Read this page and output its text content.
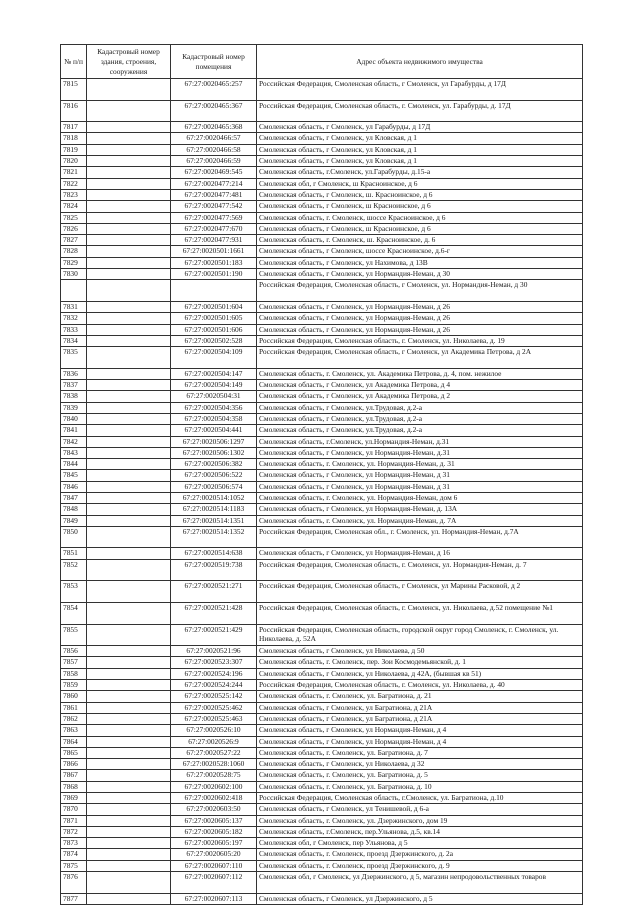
№ п/п	Кадастровый номер здания, строения, сооружения	Кадастровый номер помещения	Адрес объекта недвижимого имущества
7815		67:27:0020465:257	Российская Федерация, Смоленская область, г Смоленск, ул Гарабурды, д 17Д
7816		67:27:0020465:367	Российская Федерация, Смоленская область, г. Смоленск, ул. Гарабурды, д. 17Д
7817		67:27:0020465:368	Смоленская область, г Смоленск, ул Гарабурды, д 17Д
7818		67:27:0020466:57	Смоленская область, г Смоленск, ул Кловская, д 1
7819		67:27:0020466:58	Смоленская область, г Смоленск, ул Кловская, д 1
7820		67:27:0020466:59	Смоленская область, г Смоленск, ул Кловская, д 1
7821		67:27:0020469:545	Смоленская область, г.Смоленск, ул.Гарабурды, д.15-а
7822		67:27:0020477:214	Смоленская обл, г Смоленск, ш Красноинское, д 6
7823		67:27:0020477:481	Смоленская область, г Смоленск, ш. Красноинское, д 6
7824		67:27:0020477:542	Смоленская область, г Смоленск, ш Красноинское, д 6
7825		67:27:0020477:569	Смоленская область, г. Смоленск, шоссе Красноинское, д 6
7826		67:27:0020477:670	Смоленская область, г Смоленск, ш Красноинское, д 6
7827		67:27:0020477:931	Смоленская область, г. Смоленск, ш. Красноинское, д. 6
7828		67:27:0020501:1661	Смоленская область, г Смоленск, шоссе Красноинское, д.6-г
7829		67:27:0020501:183	Смоленская область, г Смоленск, ул Нахимова, д 13В
7830		67:27:0020501:190	Смоленская область, г Смоленск, ул Нормандия-Неман, д 30
			Российская Федерация, Смоленская область, г Смоленск, ул. Нормандия-Неман, д 30
7831		67:27:0020501:604	Смоленская область, г Смоленск, ул Нормандия-Неман, д 26
7832		67:27:0020501:605	Смоленская область, г Смоленск, ул Нормандия-Неман, д 26
7833		67:27:0020501:606	Смоленская область, г Смоленск, ул Нормандия-Неман, д 26
7834		67:27:0020502:528	Российская Федерация, Смоленская область, г. Смоленск, ул. Николаева, д. 19
7835		67:27:0020504:109	Российская Федерация, Смоленская область, г Смоленск, ул Академика Петрова, д 2А
7836		67:27:0020504:147	Смоленская область, г. Смоленск, ул. Академика Петрова, д. 4, пом. нежилое
7837		67:27:0020504:149	Смоленская область, г Смоленск, ул Академика Петрова, д 4
7838		67:27:0020504:31	Смоленская область, г Смоленск, ул Академика Петрова, д 2
7839		67:27:0020504:356	Смоленская область, г Смоленск, ул.Трудовая, д.2-а
7840		67:27:0020504:358	Смоленская область, г Смоленск, ул.Трудовая, д.2-а
7841		67:27:0020504:441	Смоленская область, г Смоленск, ул.Трудовая, д.2-а
7842		67:27:0020506:1297	Смоленская область, г.Смоленск, ул.Нормандия-Неман, д.31
7843		67:27:0020506:1302	Смоленская область, г Смоленск, ул Нормандия-Неман, д.31
7844		67:27:0020506:382	Смоленская область, г. Смоленск, ул. Нормандия-Неман, д. 31
7845		67:27:0020506:522	Смоленская область, г Смоленск, ул Нормандия-Неман, д 31
7846		67:27:0020506:574	Смоленская область, г Смоленск, ул Нормандия-Неман, д 31
7847		67:27:0020514:1052	Смоленская область, г. Смоленск, ул. Нормандия-Неман, дом 6
7848		67:27:0020514:1183	Смоленская область, г Смоленск, ул Нормандия-Неман, д. 13А
7849		67:27:0020514:1351	Смоленская область, г. Смоленск, ул. Нормандия-Неман, д. 7А
7850		67:27:0020514:1352	Российская Федерация, Смоленская обл., г. Смоленск, ул. Нормандия-Неман, д.7А
7851		67:27:0020514:638	Смоленская область, г Смоленск, ул Нормандия-Неман, д 16
7852		67:27:0020519:738	Российская Федерация, Смоленская область, г. Смоленск, ул. Нормандия-Неман, д. 7
7853		67:27:0020521:271	Российская Федерация, Смоленская область, г Смоленск, ул Марины Расковой, д 2
7854		67:27:0020521:428	Российская Федерация, Смоленская область, г. Смоленск, ул. Николаева, д.52 помещение №1
7855		67:27:0020521:429	Российская Федерация, Смоленская область, городской округ город Смоленск, г. Смоленск, ул. Николаева, д. 52А
7856		67:27:0020521:96	Смоленская область, г Смоленск, ул Николаева, д 50
7857		67:27:0020523:307	Смоленская область, г. Смоленск, пер. Зои Космодемьянской, д. 1
7858		67:27:0020524:196	Смоленская область, г Смоленск, ул Николаева, д 42А, (бывшая кв 51)
7859		67:27:0020524:244	Российская Федерация, Смоленская область, г. Смоленск, ул. Николаева, д. 40
7860		67:27:0020525:142	Смоленская область, г. Смоленск, ул. Багратиона, д. 21
7861		67:27:0020525:462	Смоленская область, г Смоленск, ул Багратиона, д 21А
7862		67:27:0020525:463	Смоленская область, г Смоленск, ул Багратиона, д 21А
7863		67:27:0020526:10	Смоленская область, г Смоленск, ул Нормандия-Неман, д 4
7864		67:27:0020526:9	Смоленская область, г Смоленск, ул Нормандия-Неман, д 4
7865		67:27:0020527:22	Смоленская область, г. Смоленск, ул. Багратиона, д. 7
7866		67:27:0020528:1060	Смоленская область, г Смоленск, ул Николаева, д 32
7867		67:27:0020528:75	Смоленская область, г. Смоленск, ул. Багратиона, д. 5
7868		67:27:0020602:100	Смоленская область, г. Смоленск, ул. Багратиона, д. 10
7869		67:27:0020602:418	Российская Федерация, Смоленская область, г.Смоленск, ул. Багратиона, д.10
7870		67:27:0020603:50	Смоленская область, г Смоленск, ул Тенишевой, д 6-а
7871		67:27:0020605:137	Смоленская область, г. Смоленск, ул. Дзержинского, дом 19
7872		67:27:0020605:182	Смоленская область, г.Смоленск, пер.Ульянова, д.5, кв.14
7873		67:27:0020605:197	Смоленская обл, г Смоленск, пер Ульянова, д 5
7874		67:27:0020605:20	Смоленская область, г. Смоленск, проезд Дзержинского, д. 2а
7875		67:27:0020607:110	Смоленская область, г. Смоленск, проезд Дзержинского, д. 9
7876		67:27:0020607:112	Смоленская обл, г Смоленск, ул Дзержинского, д 5, магазин непродовольственных товаров
7877		67:27:0020607:113	Смоленская область, г Смоленск, ул Дзержинского, д 5
